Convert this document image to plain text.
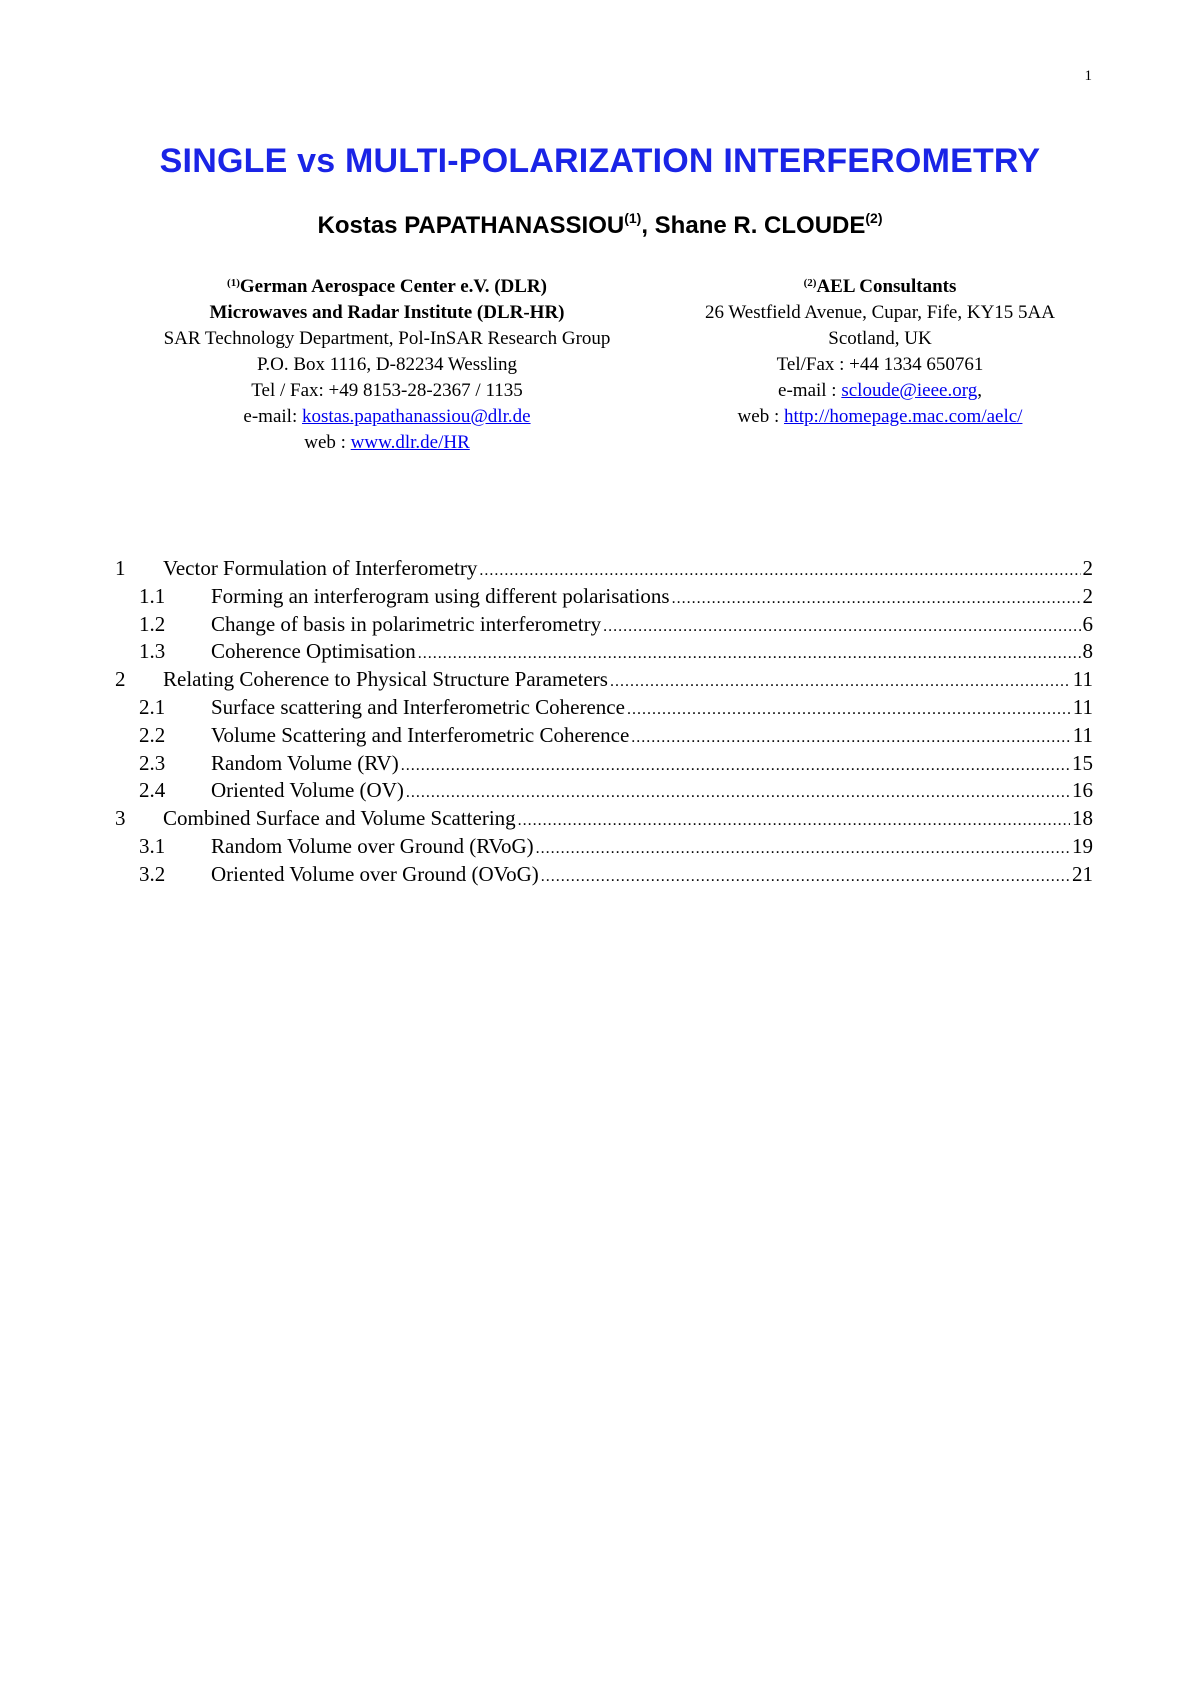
1
SINGLE vs MULTI-POLARIZATION INTERFEROMETRY
Kostas PAPATHANASSIOU$^{(1)}$, Shane R. CLOUDE$^{(2)}$
$^{(1)}$German Aerospace Center e.V. (DLR)
Microwaves and Radar Institute (DLR-HR)
SAR Technology Department, Pol-InSAR Research Group
P.O. Box 1116, D-82234 Wessling
Tel / Fax: +49 8153-28-2367 / 1135
e-mail: kostas.papathanassiou@dlr.de
web : www.dlr.de/HR
$^{(2)}$AEL Consultants
26 Westfield Avenue, Cupar, Fife, KY15 5AA
Scotland, UK
Tel/Fax : +44 1334 650761
e-mail : scloude@ieee.org,
web : http://homepage.mac.com/aelc/
1	Vector Formulation of Interferometry .....	2
1.1	Forming an interferogram using different polarisations .....	2
1.2	Change of basis in polarimetric interferometry .....	6
1.3	Coherence Optimisation .....	8
2	Relating Coherence to Physical Structure Parameters .....	11
2.1	Surface scattering and Interferometric Coherence .....	11
2.2	Volume Scattering and Interferometric Coherence .....	11
2.3	Random Volume (RV) .....	15
2.4	Oriented Volume (OV) .....	16
3	Combined Surface and Volume Scattering .....	18
3.1	Random Volume over Ground (RVoG) .....	19
3.2	Oriented Volume over Ground (OVoG) .....	21
